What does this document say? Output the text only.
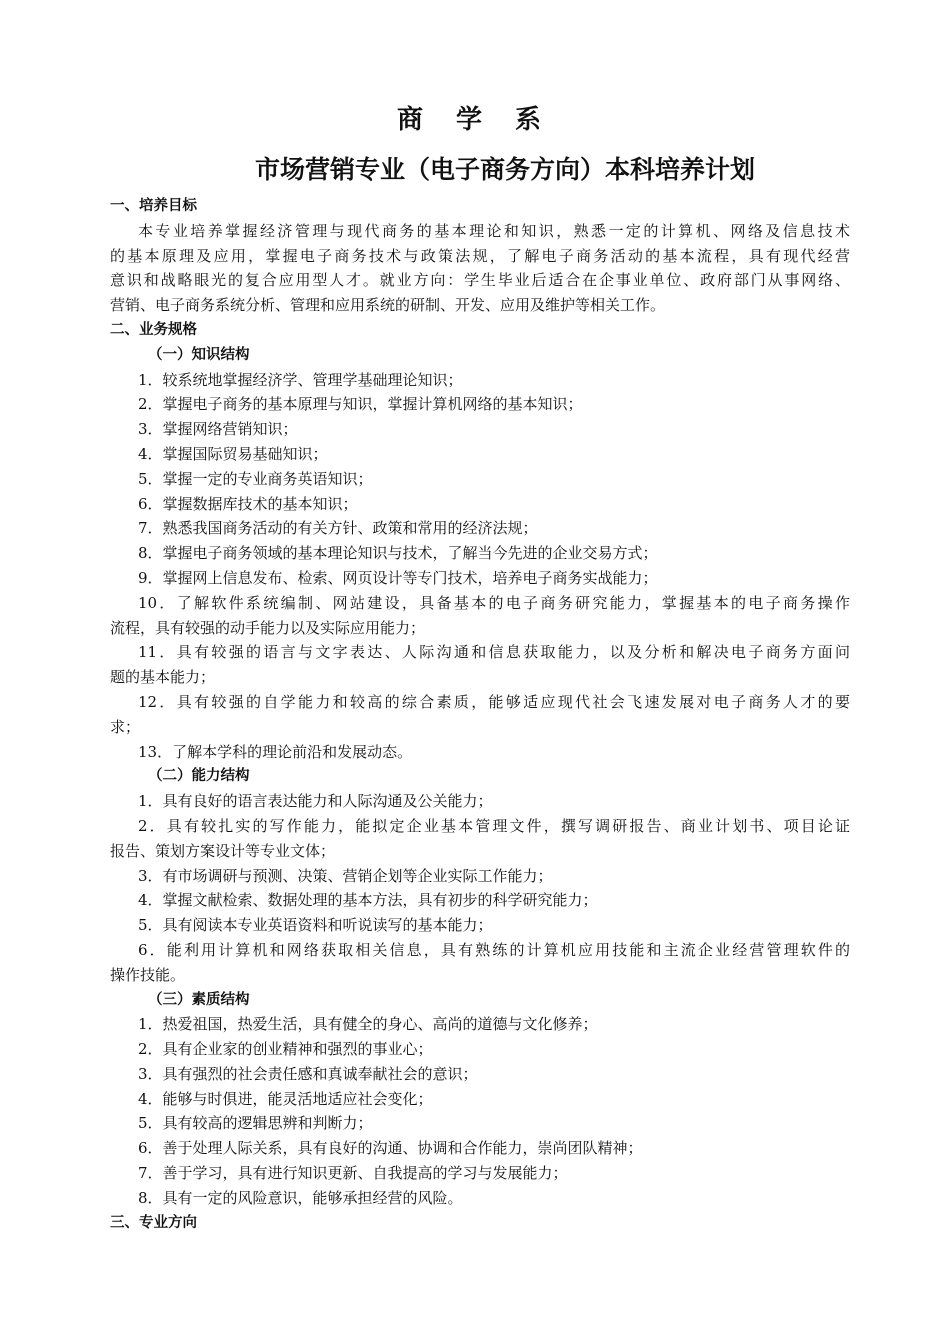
商 学 系
市场营销专业（电子商务方向）本科培养计划
一、培养目标
本专业培养掌握经济管理与现代商务的基本理论和知识，熟悉一定的计算机、网络及信息技术
的基本原理及应用，掌握电子商务技术与政策法规，了解电子商务活动的基本流程，具有现代经营
意识和战略眼光的复合应用型人才。就业方向：学生毕业后适合在企事业单位、政府部门从事网络、
营销、电子商务系统分析、管理和应用系统的研制、开发、应用及维护等相关工作。
二、业务规格
（一）知识结构
1．较系统地掌握经济学、管理学基础理论知识；
2．掌握电子商务的基本原理与知识，掌握计算机网络的基本知识；
3．掌握网络营销知识；
4．掌握国际贸易基础知识；
5．掌握一定的专业商务英语知识；
6．掌握数据库技术的基本知识；
7．熟悉我国商务活动的有关方针、政策和常用的经济法规；
8．掌握电子商务领域的基本理论知识与技术，了解当今先进的企业交易方式；
9．掌握网上信息发布、检索、网页设计等专门技术，培养电子商务实战能力；
10．了解软件系统编制、网站建设，具备基本的电子商务研究能力，掌握基本的电子商务操作
流程，具有较强的动手能力以及实际应用能力；
11．具有较强的语言与文字表达、人际沟通和信息获取能力，以及分析和解决电子商务方面问
题的基本能力；
12．具有较强的自学能力和较高的综合素质，能够适应现代社会飞速发展对电子商务人才的要
求；
13．了解本学科的理论前沿和发展动态。
（二）能力结构
1．具有良好的语言表达能力和人际沟通及公关能力；
2．具有较扎实的写作能力，能拟定企业基本管理文件，撰写调研报告、商业计划书、项目论证
报告、策划方案设计等专业文体；
3．有市场调研与预测、决策、营销企划等企业实际工作能力；
4．掌握文献检索、数据处理的基本方法，具有初步的科学研究能力；
5．具有阅读本专业英语资料和听说读写的基本能力；
6．能利用计算机和网络获取相关信息，具有熟练的计算机应用技能和主流企业经营管理软件的
操作技能。
（三）素质结构
1．热爱祖国，热爱生活，具有健全的身心、高尚的道德与文化修养；
2．具有企业家的创业精神和强烈的事业心；
3．具有强烈的社会责任感和真诚奉献社会的意识；
4．能够与时俱进，能灵活地适应社会变化；
5．具有较高的逻辑思辨和判断力；
6．善于处理人际关系，具有良好的沟通、协调和合作能力，崇尚团队精神；
7．善于学习，具有进行知识更新、自我提高的学习与发展能力；
8．具有一定的风险意识，能够承担经营的风险。
三、专业方向
